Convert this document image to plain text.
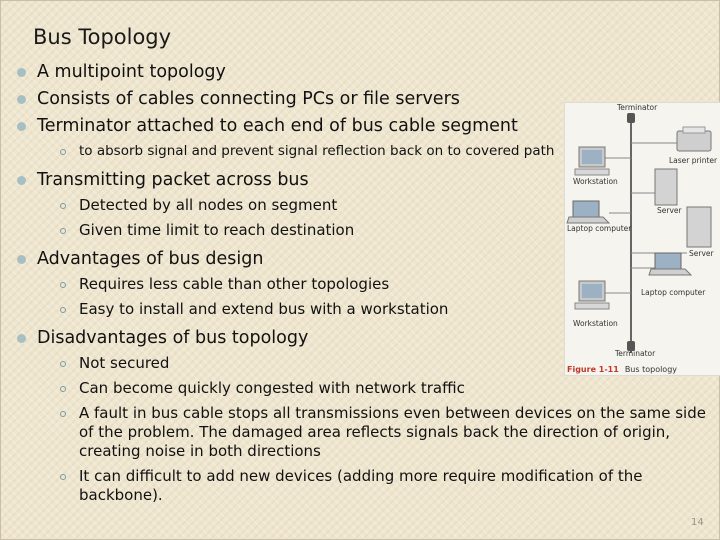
Bus Topology
A multipoint topology
Consists of cables connecting PCs or file servers
Terminator attached to each end of bus cable segment
to absorb signal and prevent signal reflection back on to covered path
Transmitting packet across bus
Detected by all nodes on segment
Given time limit to reach destination
Advantages of bus design
Requires less cable than other topologies
Easy to install and extend bus with a workstation
Disadvantages of bus topology
Not secured
Can become quickly congested with network traffic
A fault in bus cable stops all transmissions even between devices on the same side of the problem. The damaged area reflects signals back the direction of origin, creating noise in both directions
It can difficult to add new devices (adding more require modification of the backbone).
Terminator
Laser printer
Workstation
Server
Laptop computer
Server
Laptop computer
Workstation
Terminator
Figure 1-11 Bus topology
14
